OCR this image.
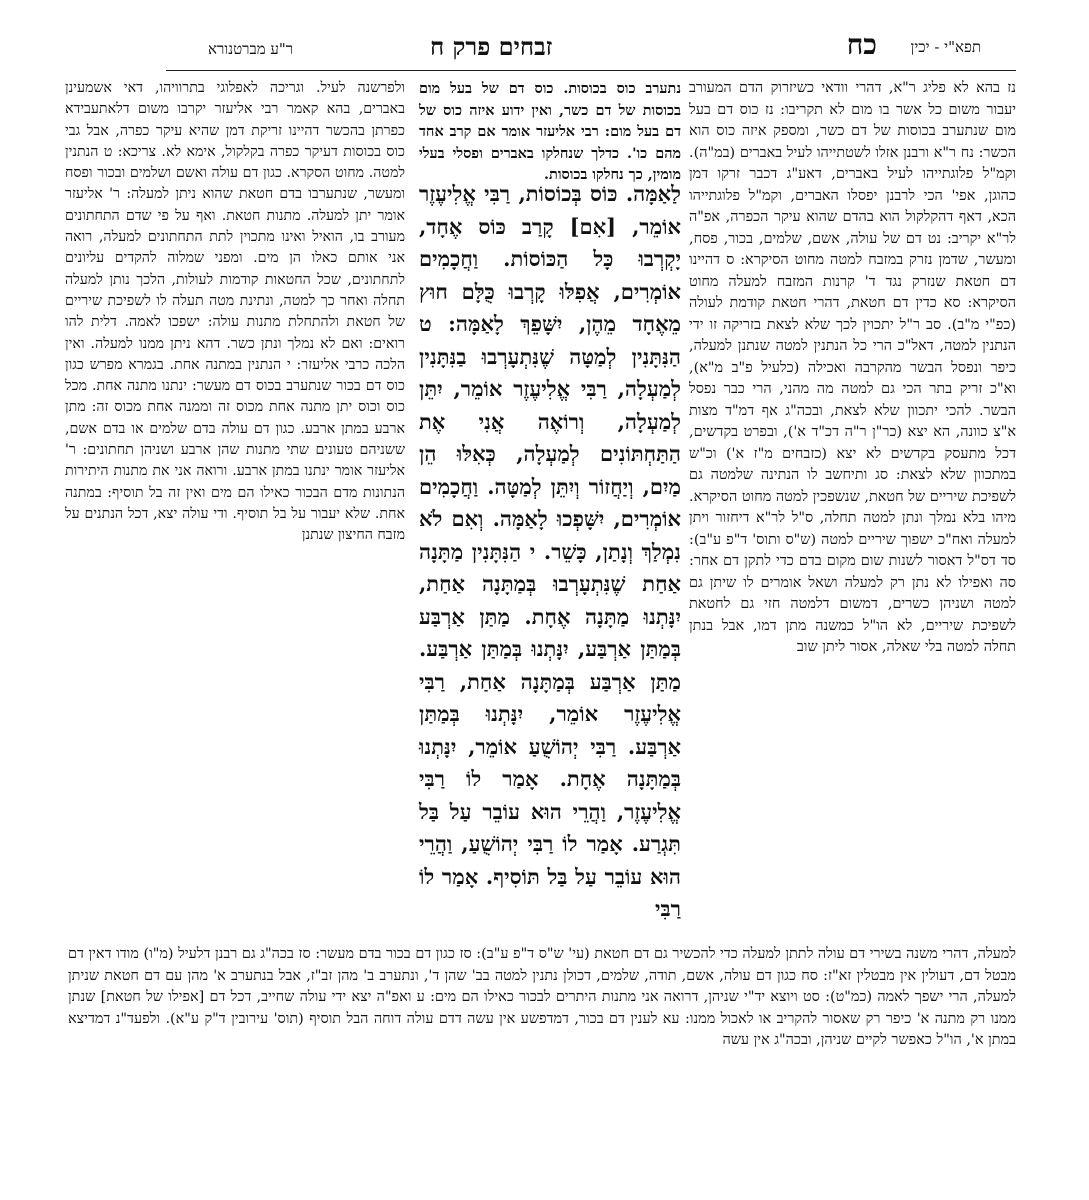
כח תפא"י - יכין
זבחים פרק ח
ר"ע מברטנורא

נז בהא לא פליג ר"א, דהרי וודאי כשיזרוק הדם המעורב יעבור משום כל אשר בו מום לא תקריבו: נז כוס דם בעל מום שנתערב בכוסות של דם כשר, ומספק איזה כוס הוא הכשר: נח ר"א ורבנן אזלו לשטתייהו לעיל באברים (במ"ה). וקמ"ל פלוגתייהו לעיל באברים, דאע"ג דכבר זרקו דמן כהוגן, אפי' הכי לרבנן יפסלו האברים, וקמ"ל פלוגתייהו הכא, דאף דהקלקול הוא בהדם שהוא עיקר הכפרה, אפ"ה לר"א יקריב: נט דם של עולה, אשם, שלמים, בכור, פסח, ומעשר, שדמן נזרק במזבח למטה מחוט הסיקרא: ס דהיינו דם חטאת שנזרק נגד ד' קרנות המזבח למעלה מחוט הסיקרא: סא כדין דם חטאת, דהרי חטאת קודמת לעולה (כפ"י מ"ב). סב ר"ל יתכוין לכך שלא לצאת בזריקה זו ידי הנתנין למטה, דאל"כ הרי כל הנתנין למטה שנתנן למעלה, כיפר ונפסל הבשר מהקרבה ואכילה (כלעיל פ"ב מ"א), וא"כ זריק בתר הכי גם למטה מה מהני, הרי כבר נפסל הבשר. להכי יתכוון שלא לצאת, ובכה"ג אף דמ"ד מצות א"צ כוונה, הא יצא (כר"ן ר"ה דכ"ד א'), ובפרט בקדשים, דכל מתעסק בקדשים לא יצא (כזבחים מ"ז א') וכ"ש במתכוון שלא לצאת: סג ותיחשב לו הנתינה שלמטה גם לשפיכת שיריים של חטאת, שנשפכין למטה מחוט הסיקרא. מיהו בלא נמלך ונתן למטה תחלה, ס"ל לר"א דיחזור ויתן למעלה ואח"כ ישפוך שיריים למטה (ש"ס ותוס' ד"פ ע"ב): סד דס"ל דאסור לשנות שום מקום בדם כדי לתקן דם אחר: סה ואפילו לא נתן רק למעלה ושאל אומרים לו שיתן גם למטה ושניהן כשרים, דמשום דלמטה חזי גם לחטאת לשפיכת שיריים, לא הו"ל כמשנה מתן דמו, אבל בנתן תחלה למטה בלי שאלה, אסור ליתן שוב

נתערב כוס בכוסות. כוס דם של בעל מום בכוסות של דם כשר, ואין ידוע איזה כוס של דם בעל מום: רבי אליעזר אומר אם קרב אחד מהם כו'. כדלך שנחלקו באברים ופסלי בעלי מומין, כך נחלקו בכוסות.

לַאַמָּה. כּוֹס בְּכוֹסוֹת, רַבִּי אֱלִיעֶזֶר אוֹמֵר, [אִם] קָרַב כּוֹס אֶחָד, יָקְרְבוּ כָּל הַכּוֹסוֹת. וַחֲכָמִים אוֹמְרִים, אֲפִלּוּ קָרְבוּ כֻּלָּם חוּץ מֵאֶחָד מֵהֶן, יִשָּׁפֵךְ לָאַמָּה: ט הַנִּתָּנִין לְמַטָּה שֶׁנִּתְעָרְבוּ בַנִּתָּנִין לְמַעְלָה, רַבִּי אֱלִיעֶזֶר אוֹמֵר, יִתֵּן לְמַעְלָה, וְרוֹאֶה אֲנִי אֶת הַתַּחְתּוֹנִים לְמַעְלָה, כְּאִלּוּ הֵן מַיִם, וְיַחֲזוֹר וְיִתֵּן לְמַטָּה. וַחֲכָמִים אוֹמְרִים, יִשָּׁפְכוּ לָאַמָּה. וְאִם לֹא נִמְלַךְ וְנָתַן, כָּשֵׁר. י הַנִּתָּנִין מַתָּנָה אַחַת שֶׁנִּתְעָרְבוּ בְּמַתָּנָה אַחַת, יִנָּתְנוּ מַתָּנָה אֶחָת. מַתַּן אַרְבַּע בְּמַתַּן אַרְבַּע, יִנָּתְנוּ בְּמַתַּן אַרְבַּע. מַתַּן אַרְבַּע בְּמַתָּנָה אַחַת, רַבִּי אֱלִיעֶזֶר אוֹמֵר, יִנָּתְנוּ בְּמַתַּן אַרְבַּע. רַבִּי יְהוֹשֻׁעַ אוֹמֵר, יִנָּתְנוּ בְּמַתָּנָה אֶחָת. אָמַר לוֹ רַבִּי אֱלִיעֶזֶר, וַהֲרֵי הוּא עוֹבֵר עַל בַּל תִּגְרַע. אָמַר לוֹ רַבִּי יְהוֹשֻׁעַ, וַהֲרֵי הוּא עוֹבֵר עַל בַּל תּוֹסִיף. אָמַר לוֹ רַבִּי

ולפרשנה לעיל. וגריכה לאפלוגי בתרוויהו, דאי אשמעינן באברים, בהא קאמר רבי אליעזר יקרבו משום דלאתעבידא כפרתן בהכשר דהיינו זריקת דמן שהיא עיקר כפרה, אבל גבי כוס בכוסות דעיקר כפרה בקלקול, אימא לא. צריכא: ט הנתנין למטה. מחוט הסקרא. כגון דם עולה ואשם ושלמים ובכור ופסח ומעשר, שנתערבו בדם חטאת שהוא ניתן למעלה: ר' אליעזר אומר יתן למעלה. מתנות חטאת. ואף על פי שדם התחתונים מעורב בו, הואיל ואינו מתכוין לתת התחתונים למעלה, רואה אני אותם כאלו הן מים. ומפני שמלוה להקדים עליונים לתחתונים, שכל החטאות קודמות לעולות, הלכך נותן למעלה תחלה ואחר כך למטה, ונתינת מטה תעלה לו לשפיכת שיריים של חטאת ולהתחלת מתנות עולה: ישפכו לאמה. דלית להו רואים: ואם לא נמלך ונתן כשר. דהא ניתן ממנו למעלה. ואין הלכה כרבי אליעזר: י הנתנין במתנה אחת. בגמרא מפרש כגון כוס דם בכור שנתערב בכוס דם מעשר: ינתנו מתנה אחת. מכל כוס וכוס יתן מתנה אחת מכוס זה וממנה אחת מכוס זה: מתן ארבע במתן ארבע. כגון דם עולה בדם שלמים או בדם אשם, ששניהם טעונים שתי מתנות שהן ארבע ושניהן תחתונים: ר' אליעזר אומר ינתנו במתן ארבע. ורואה אני את מתנות היתירות הנתונות מדם הבכור כאילו הם מים ואין זה בל תוסיף: במתנה אחת. שלא יעבור על בל תוסיף. ודי עולה יצא, דכל הנתנים על מזבח החיצון שנתנן

למעלה, דהרי משנה בשירי דם עולה לתתן למעלה כדי להכשיר גם דם חטאת (עי' ש"ס ד"פ ע"ב): סז כגון דם בכור בדם מעשר: סז בכה"ג גם רבנן דלעיל (מ"ו) מודו דאין דם מבטל דם, דעולין אין מבטלין זא"ז: סח כגון דם עולה, אשם, תודה, שלמים, דכולן נתנין למטה בב' שהן ד', ונתערב ב' מהן זב"ז, אבל בנתערב א' מהן עם דם חטאת שניתן למעלה, הרי ישפך לאמה (כמ"ט): סט ויוצא יד"י שניהן, דרואה אני מתנות היתרים לבכור כאילו הם מים: ע ואפ"ה יצא ידי עולה שחייב, דכל דם [אפילו של חטאת] שנתן ממנו רק מתנה א' כיפר רק שאסור להקריב או לאכול ממנו: עא לענין דם בכור, דמדפשע אין עשה דדם עולה דוחה הבל תוסיף (תוס' עירובין ד"ק ע"א). ולפעד"נ דמדיצא במתן א', הו"ל כאפשר לקיים שניהן, ובכה"ג אין עשה
